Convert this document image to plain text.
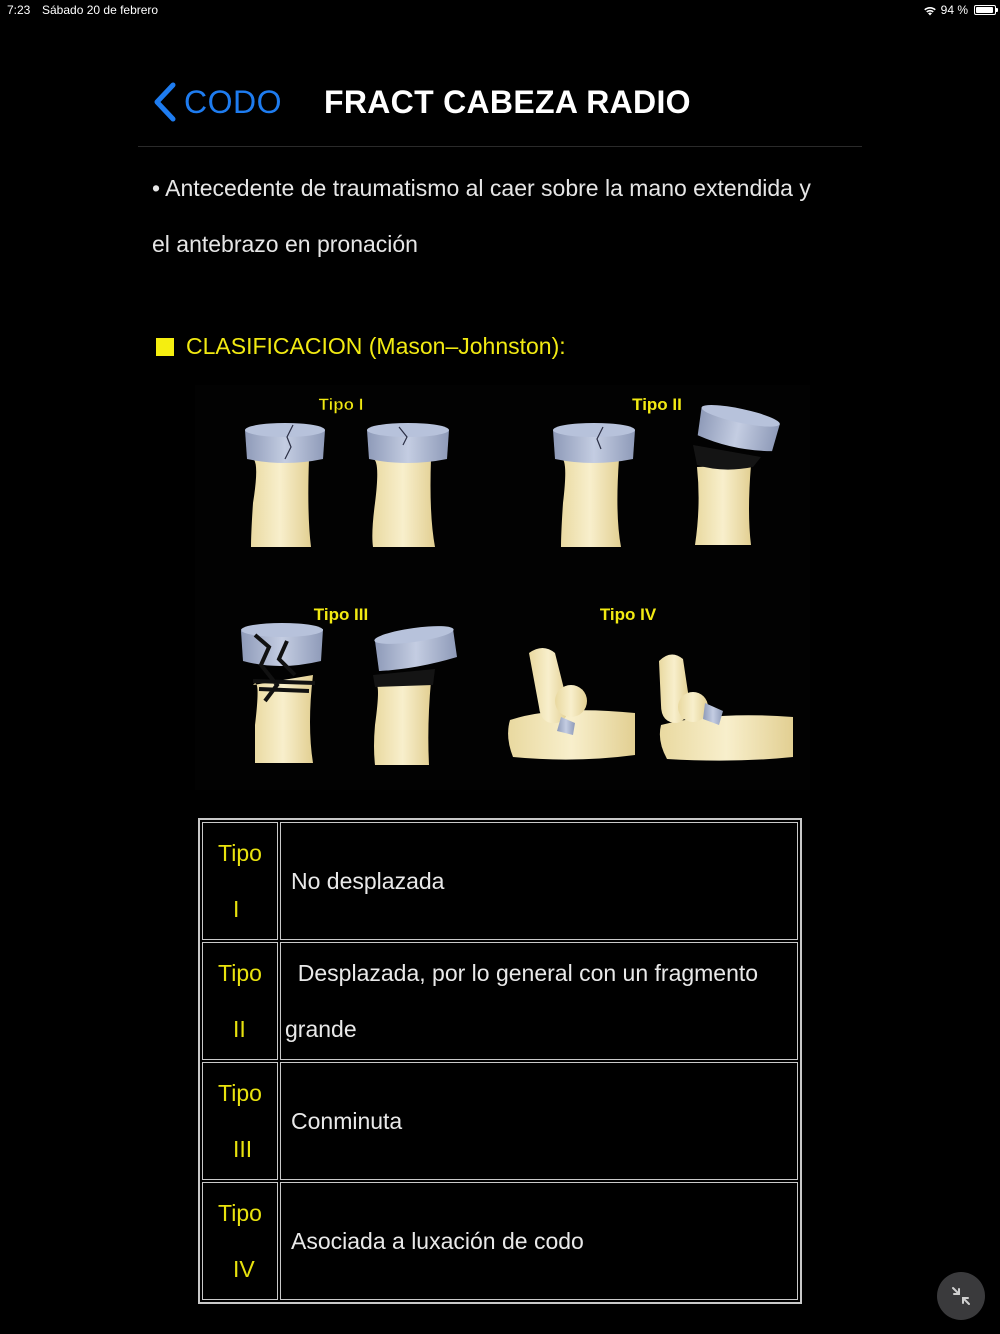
7:23 Sábado 20 de febrero	94 %
CODO FRACT CABEZA RADIO
• Antecedente de traumatismo al caer sobre la mano extendida y el antebrazo en pronación
CLASIFICACION (Mason–Johnston):
Tipo I	Tipo II
Tipo III	Tipo IV
Tipo
I	No desplazada

Tipo
II	Desplazada, por lo general con un fragmento grande

Tipo
III	Conminuta

Tipo
IV	Asociada a luxación de codo
